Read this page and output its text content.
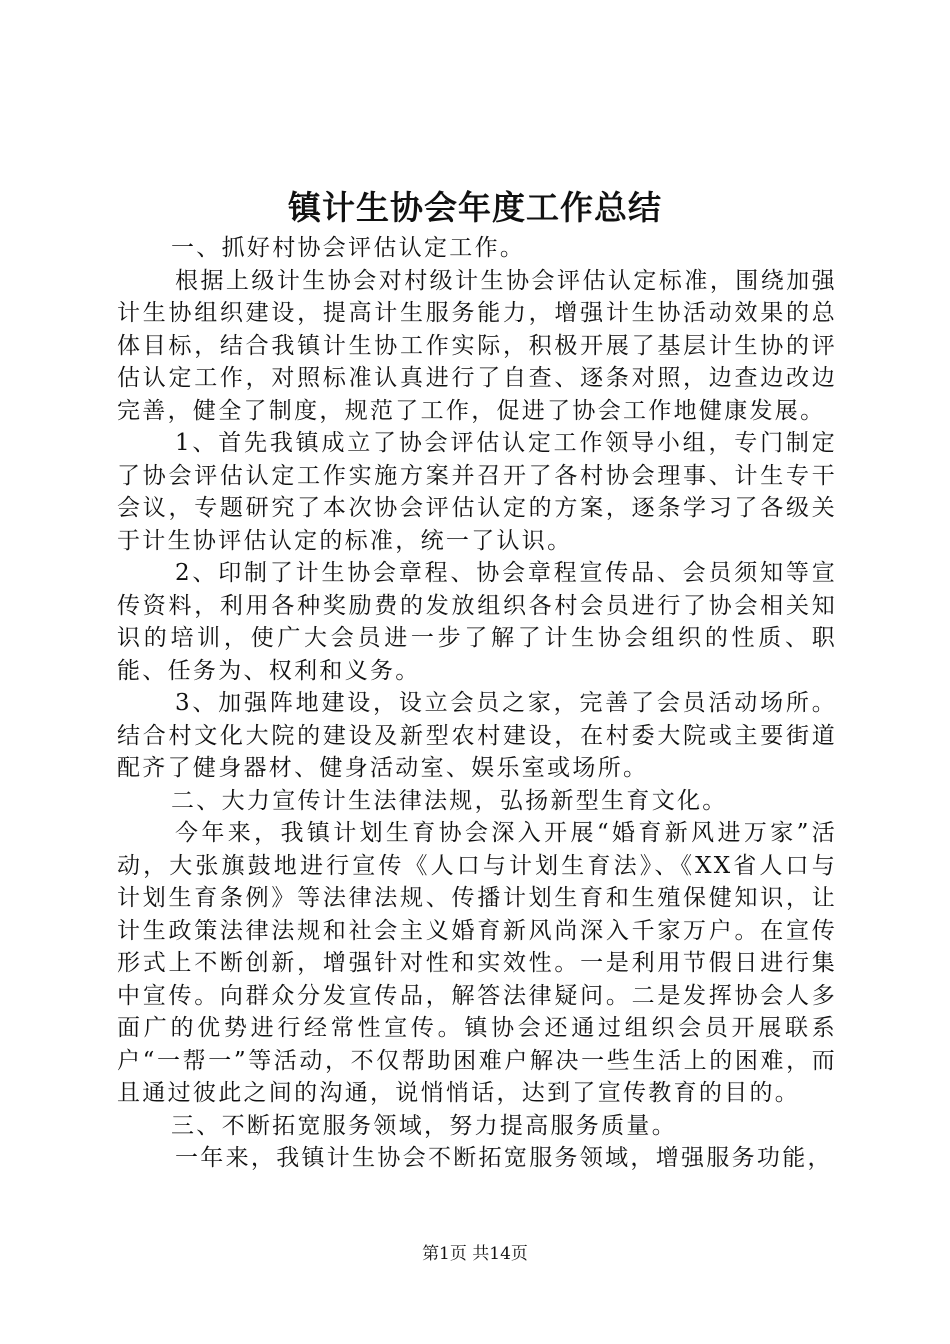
镇计生协会年度工作总结

一、抓好村协会评估认定工作。

根据上级计生协会对村级计生协会评估认定标准，围绕加强计生协组织建设，提高计生服务能力，增强计生协活动效果的总体目标，结合我镇计生协工作实际，积极开展了基层计生协的评估认定工作，对照标准认真进行了自查、逐条对照，边查边改边完善，健全了制度，规范了工作，促进了协会工作地健康发展。

1、首先我镇成立了协会评估认定工作领导小组，专门制定了协会评估认定工作实施方案并召开了各村协会理事、计生专干会议，专题研究了本次协会评估认定的方案，逐条学习了各级关于计生协评估认定的标准，统一了认识。

2、印制了计生协会章程、协会章程宣传品、会员须知等宣传资料，利用各种奖励费的发放组织各村会员进行了协会相关知识的培训，使广大会员进一步了解了计生协会组织的性质、职能、任务为、权利和义务。

3、加强阵地建设，设立会员之家，完善了会员活动场所。结合村文化大院的建设及新型农村建设，在村委大院或主要街道配齐了健身器材、健身活动室、娱乐室或场所。

二、大力宣传计生法律法规，弘扬新型生育文化。

今年来，我镇计划生育协会深入开展“婚育新风进万家”活动，大张旗鼓地进行宣传《人口与计划生育法》、《XX省人口与计划生育条例》等法律法规、传播计划生育和生殖保健知识，让计生政策法律法规和社会主义婚育新风尚深入千家万户。在宣传形式上不断创新，增强针对性和实效性。一是利用节假日进行集中宣传。向群众分发宣传品，解答法律疑问。二是发挥协会人多面广的优势进行经常性宣传。镇协会还通过组织会员开展联系户“一帮一”等活动，不仅帮助困难户解决一些生活上的困难，而且通过彼此之间的沟通，说悄悄话，达到了宣传教育的目的。

三、不断拓宽服务领域，努力提高服务质量。

一年来，我镇计生协会不断拓宽服务领域，增强服务功能，

第1页 共14页
